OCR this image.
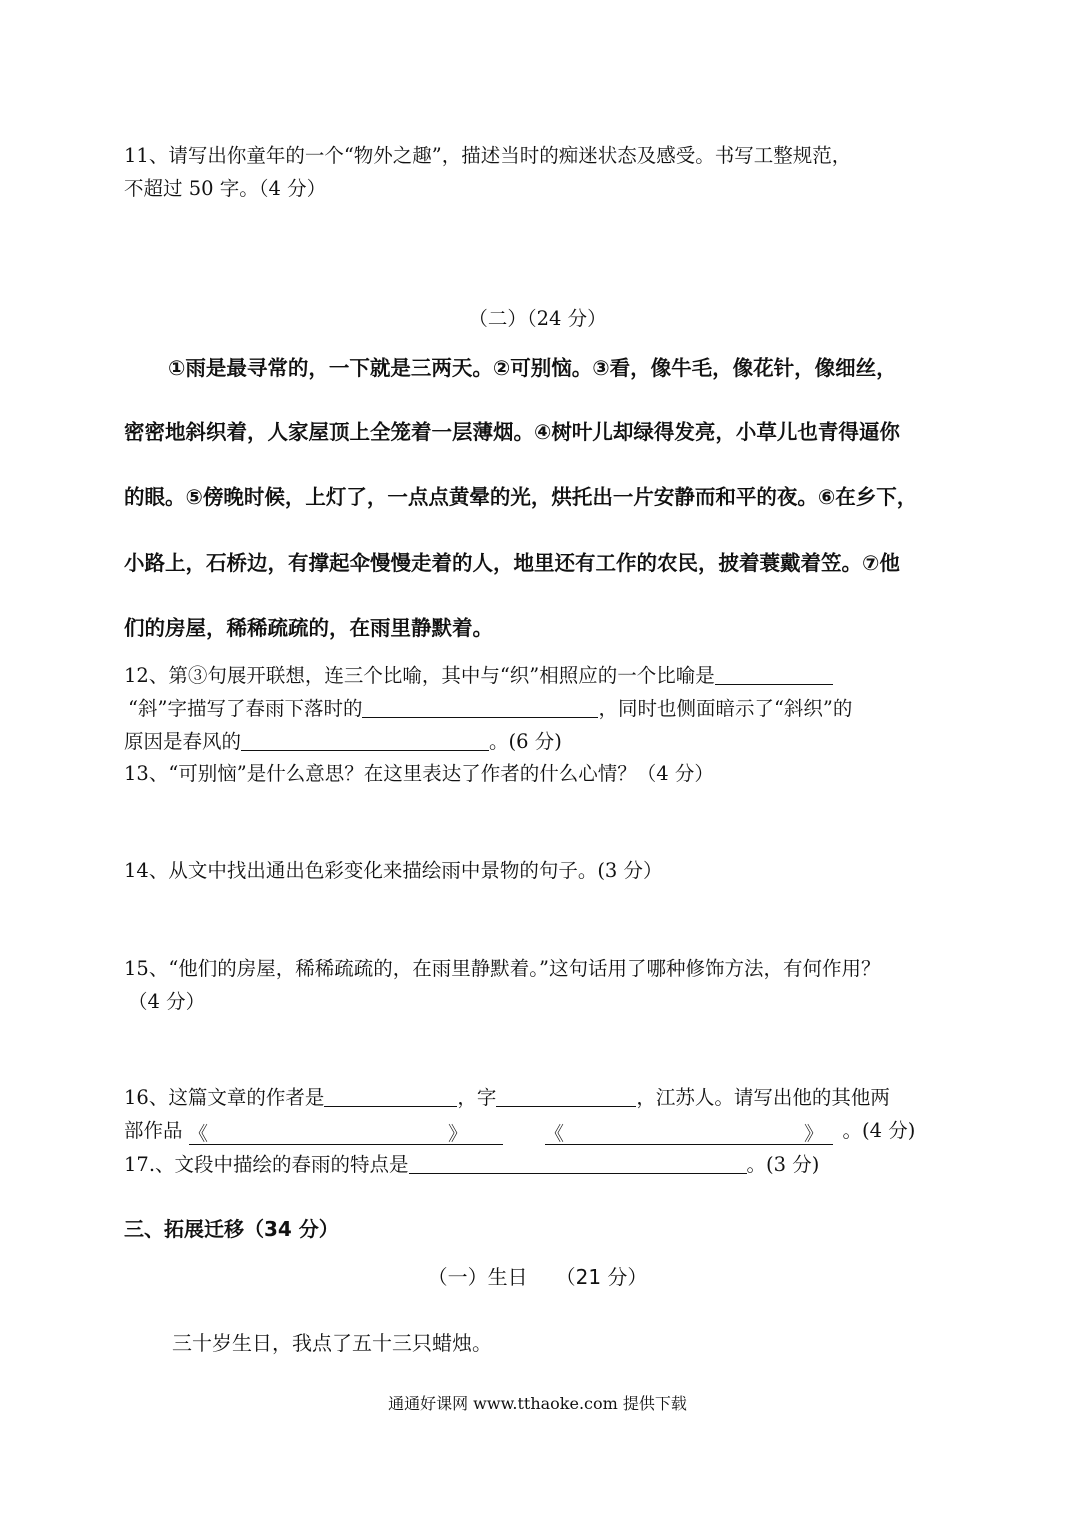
11、请写出你童年的一个“物外之趣”，描述当时的痴迷状态及感受。书写工整规范，
不超过 50 字。（4 分）
（二）（24 分）
①雨是最寻常的，一下就是三两天。②可别恼。③看，像牛毛，像花针，像细丝，
密密地斜织着，人家屋顶上全笼着一层薄烟。④树叶儿却绿得发亮，小草儿也青得逼你
的眼。⑤傍晚时候，上灯了，一点点黄晕的光，烘托出一片安静而和平的夜。⑥在乡下，
小路上，石桥边，有撑起伞慢慢走着的人，地里还有工作的农民，披着蓑戴着笠。⑦他
们的房屋，稀稀疏疏的，在雨里静默着。
12、第③句展开联想，连三个比喻，其中与“织”相照应的一个比喻是
“斜”字描写了春雨下落时的	，同时也侧面暗示了“斜织”的
原因是春风的	。(6 分)
13、“可别恼”是什么意思？在这里表达了作者的什么心情？（4 分）
14、从文中找出通出色彩变化来描绘雨中景物的句子。(3 分）
15、“他们的房屋，稀稀疏疏的，在雨里静默着。”这句话用了哪种修饰方法，有何作用？
（4 分）
16、这篇文章的作者是	，字	，江苏人。请写出他的其他两
部作品 《	》	《	》 。(4 分)
17.、文段中描绘的春雨的特点是	。(3 分)
三、拓展迁移（34 分）
（一）生日 （21 分）
三十岁生日，我点了五十三只蜡烛。
通通好课网 www.tthaoke.com 提供下载
